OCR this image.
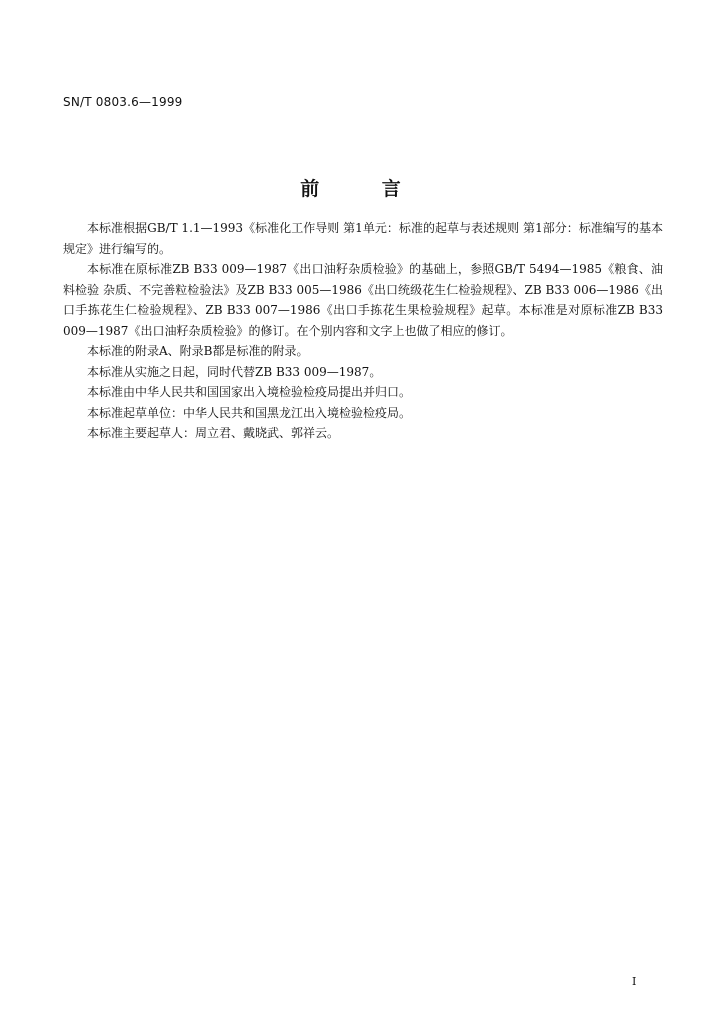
SN/T 0803.6—1999
前 言

本标准根据GB/T 1.1—1993《标准化工作导则 第1单元：标准的起草与表述规则 第1部分：标准编写的基本规定》进行编写的。

本标准在原标准ZB B33 009—1987《出口油籽杂质检验》的基础上，参照GB/T 5494—1985《粮食、油料检验 杂质、不完善粒检验法》及ZB B33 005—1986《出口统级花生仁检验规程》、ZB B33 006—1986《出口手拣花生仁检验规程》、ZB B33 007—1986《出口手拣花生果检验规程》起草。本标准是对原标准ZB B33 009—1987《出口油籽杂质检验》的修订。在个别内容和文字上也做了相应的修订。

本标准的附录A、附录B都是标准的附录。

本标准从实施之日起，同时代替ZB B33 009—1987。

本标准由中华人民共和国国家出入境检验检疫局提出并归口。

本标准起草单位：中华人民共和国黑龙江出入境检验检疫局。

本标准主要起草人：周立君、戴晓武、郭祥云。

I
